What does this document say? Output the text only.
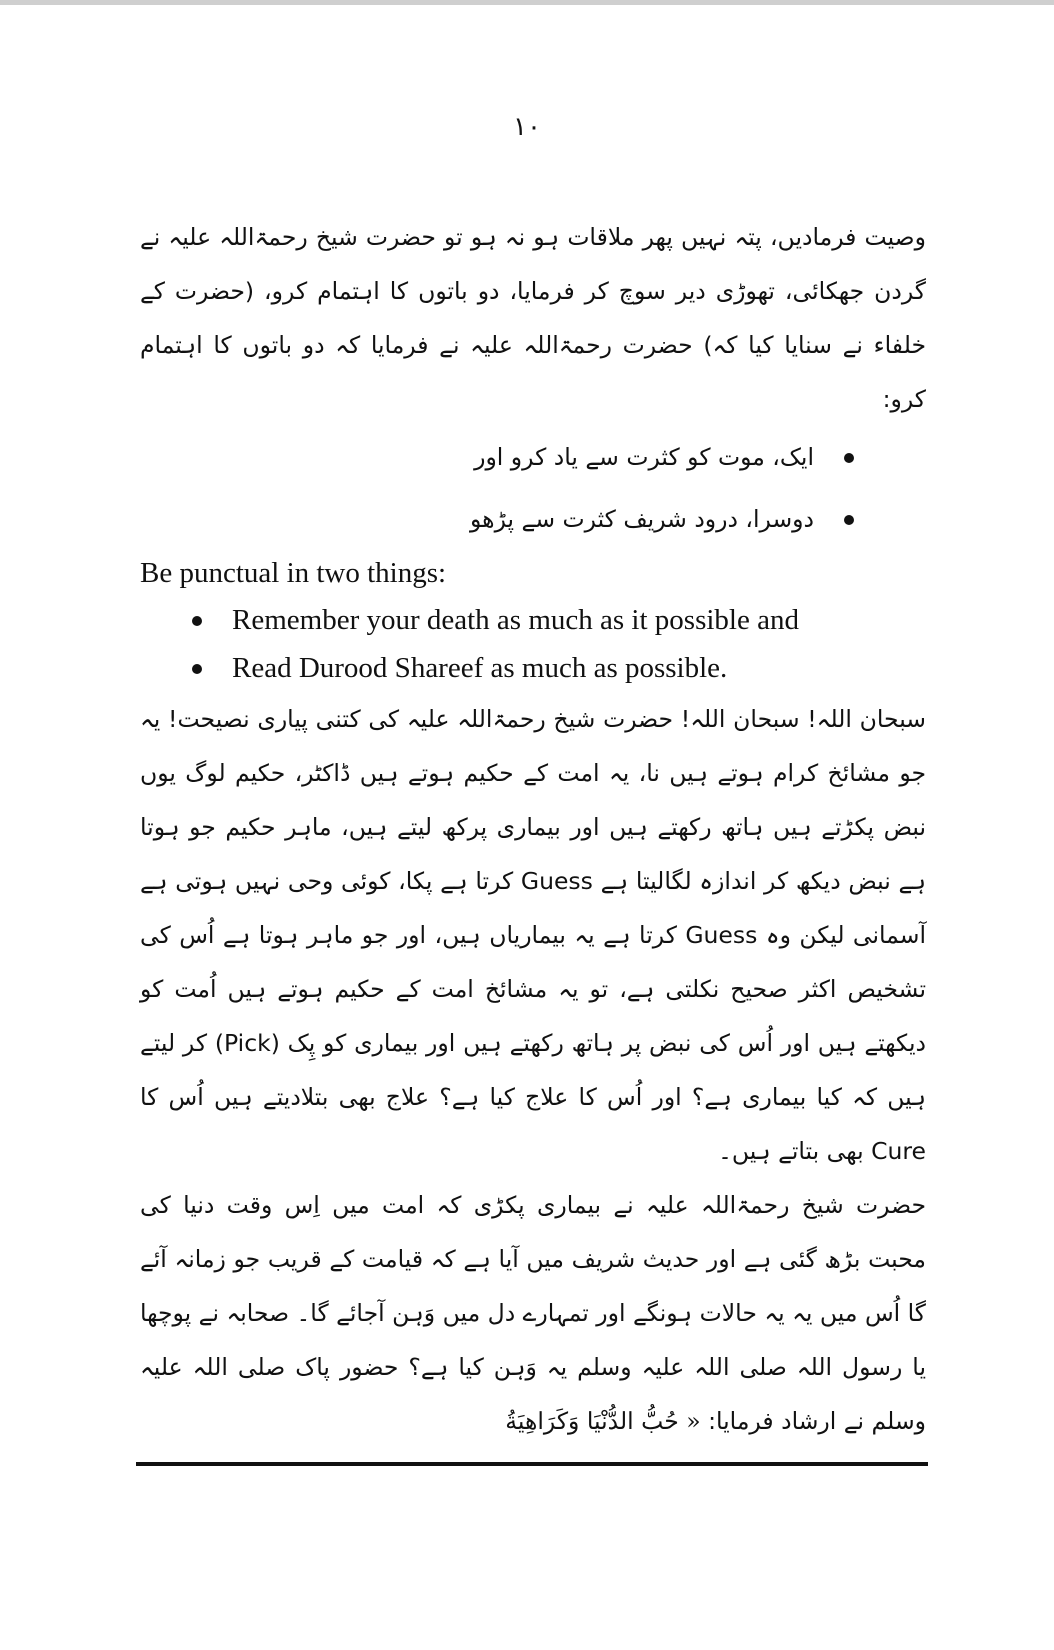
۱۰

وصیت فرمادیں، پتہ نہیں پھر ملاقات ہو نہ ہو تو حضرت شیخ رحمۃاللہ علیہ نے گردن جھکائی، تھوڑی دیر سوچ کر فرمایا، دو باتوں کا اہتمام کرو، (حضرت کے خلفاء نے سنایا کیا کہ) حضرت رحمۃاللہ علیہ نے فرمایا کہ دو باتوں کا اہتمام کرو:

ایک، موت کو کثرت سے یاد کرو اور
دوسرا، درود شریف کثرت سے پڑھو

Be punctual in two things:

Remember your death as much as it possible and
Read Durood Shareef as much as possible.

سبحان اللہ! سبحان اللہ! حضرت شیخ رحمۃاللہ علیہ کی کتنی پیاری نصیحت! یہ جو مشائخ کرام ہوتے ہیں نا، یہ امت کے حکیم ہوتے ہیں ڈاکٹر، حکیم لوگ یوں نبض پکڑتے ہیں ہاتھ رکھتے ہیں اور بیماری پرکھ لیتے ہیں، ماہر حکیم جو ہوتا ہے نبض دیکھ کر اندازہ لگالیتا ہے Guess کرتا ہے پکا، کوئی وحی نہیں ہوتی ہے آسمانی لیکن وہ Guess کرتا ہے یہ بیماریاں ہیں، اور جو ماہر ہوتا ہے اُس کی تشخیص اکثر صحیح نکلتی ہے، تو یہ مشائخ امت کے حکیم ہوتے ہیں اُمت کو دیکھتے ہیں اور اُس کی نبض پر ہاتھ رکھتے ہیں اور بیماری کو پِک (Pick) کر لیتے ہیں کہ کیا بیماری ہے؟ اور اُس کا علاج کیا ہے؟ علاج بھی بتلادیتے ہیں اُس کا Cure بھی بتاتے ہیں۔

حضرت شیخ رحمۃاللہ علیہ نے بیماری پکڑی کہ امت میں اِس وقت دنیا کی محبت بڑھ گئی ہے اور حدیث شریف میں آیا ہے کہ قیامت کے قریب جو زمانہ آئے گا اُس میں یہ یہ حالات ہونگے اور تمہارے دل میں وَہن آجائے گا۔ صحابہ نے پوچھا یا رسول اللہ صلی اللہ علیہ وسلم یہ وَہن کیا ہے؟ حضور پاک صلی اللہ علیہ وسلم نے ارشاد فرمایا: « حُبُّ الدُّنْيَا وَكَرَاهِيَةُ
